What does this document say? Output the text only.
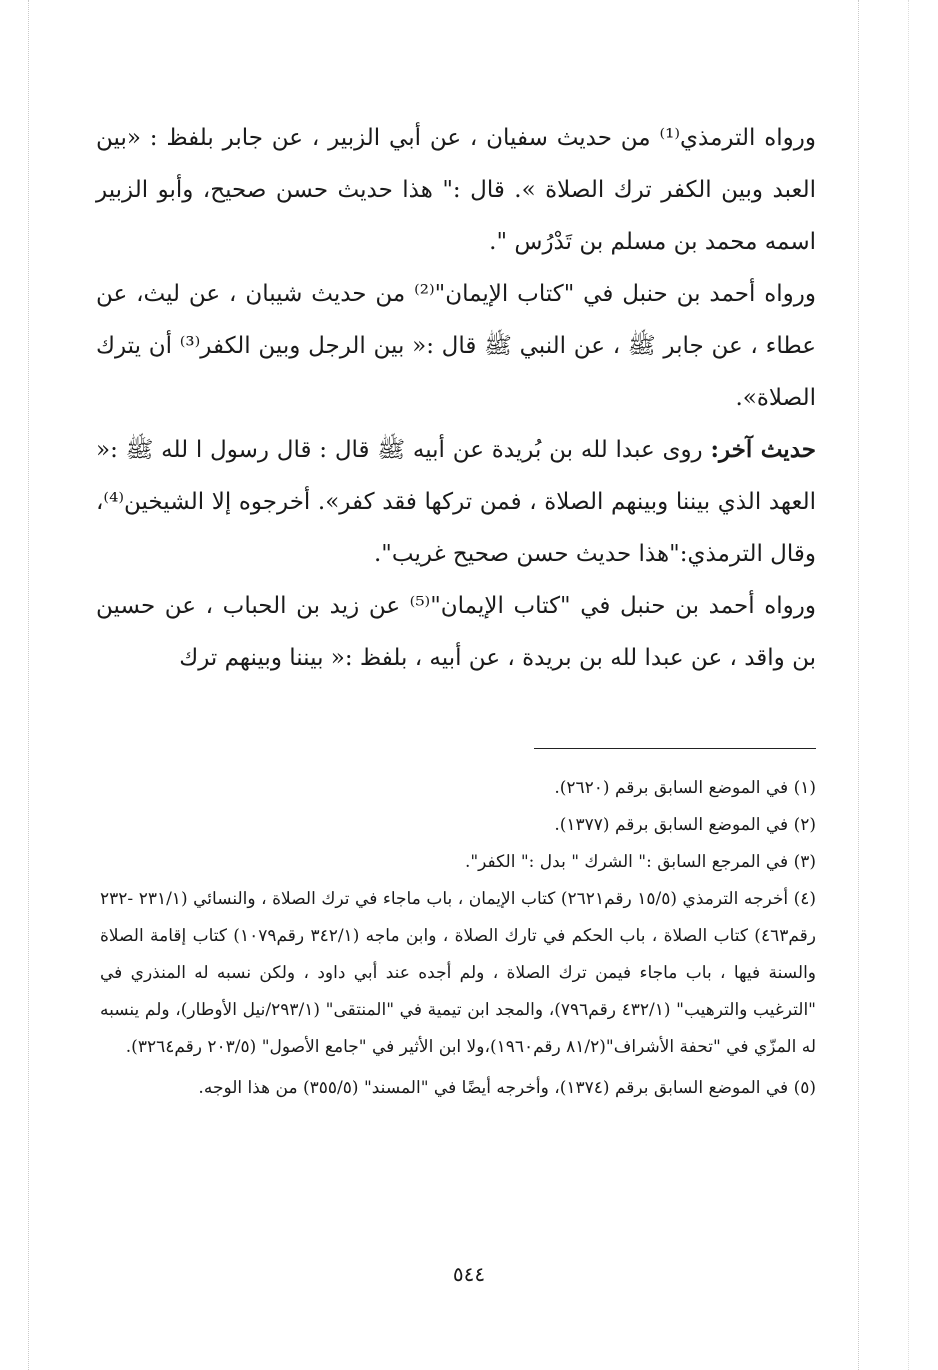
ورواه الترمذي⁽¹⁾ من حديث سفيان ، عن أبي الزبير ، عن جابر بلفظ : «بين العبد وبين الكفر ترك الصلاة ». قال :" هذا حديث حسن صحيح، وأبو الزبير اسمه محمد بن مسلم بن تَدْرُس ".

ورواه أحمد بن حنبل في "كتاب الإيمان"⁽²⁾ من حديث شيبان ، عن ليث، عن عطاء ، عن جابر ﷺ ، عن النبي ﷺ قال :« بين الرجل وبين الكفر⁽³⁾ أن يترك الصلاة».

حديث آخر: روى عبدا لله بن بُريدة عن أبيه ﷺ قال : قال رسول ا لله ﷺ :« العهد الذي بيننا وبينهم الصلاة ، فمن تركها فقد كفر». أخرجوه إلا الشيخين⁽⁴⁾، وقال الترمذي:"هذا حديث حسن صحيح غريب".

ورواه أحمد بن حنبل في "كتاب الإيمان"⁽⁵⁾ عن زيد بن الحباب ، عن حسين بن واقد ، عن عبدا لله بن بريدة ، عن أبيه ، بلفظ :« بيننا وبينهم ترك

(١) في الموضع السابق برقم (٢٦٢٠).

(٢) في الموضع السابق برقم (١٣٧٧).

(٣) في المرجع السابق :" الشرك " بدل :" الكفر".

(٤) أخرجه الترمذي (١٥/٥ رقم٢٦٢١) كتاب الإيمان ، باب ماجاء في ترك الصلاة ، والنسائي (٢٣١/١ -٢٣٢ رقم٤٦٣) كتاب الصلاة ، باب الحكم في تارك الصلاة ، وابن ماجه (٣٤٢/١ رقم١٠٧٩) كتاب إقامة الصلاة والسنة فيها ، باب ماجاء فيمن ترك الصلاة ، ولم أجده عند أبي داود ، ولكن نسبه له المنذري في "الترغيب والترهيب" (٤٣٢/١ رقم٧٩٦)، والمجد ابن تيمية في "المنتقى" (٢٩٣/١/نيل الأوطار)، ولم ينسبه له المزّي في "تحفة الأشراف"(٨١/٢ رقم١٩٦٠)،ولا ابن الأثير في "جامع الأصول" (٢٠٣/٥ رقم٣٢٦٤).

(٥) في الموضع السابق برقم (١٣٧٤)، وأخرجه أيضًا في "المسند" (٣٥٥/٥) من هذا الوجه.

٥٤٤
